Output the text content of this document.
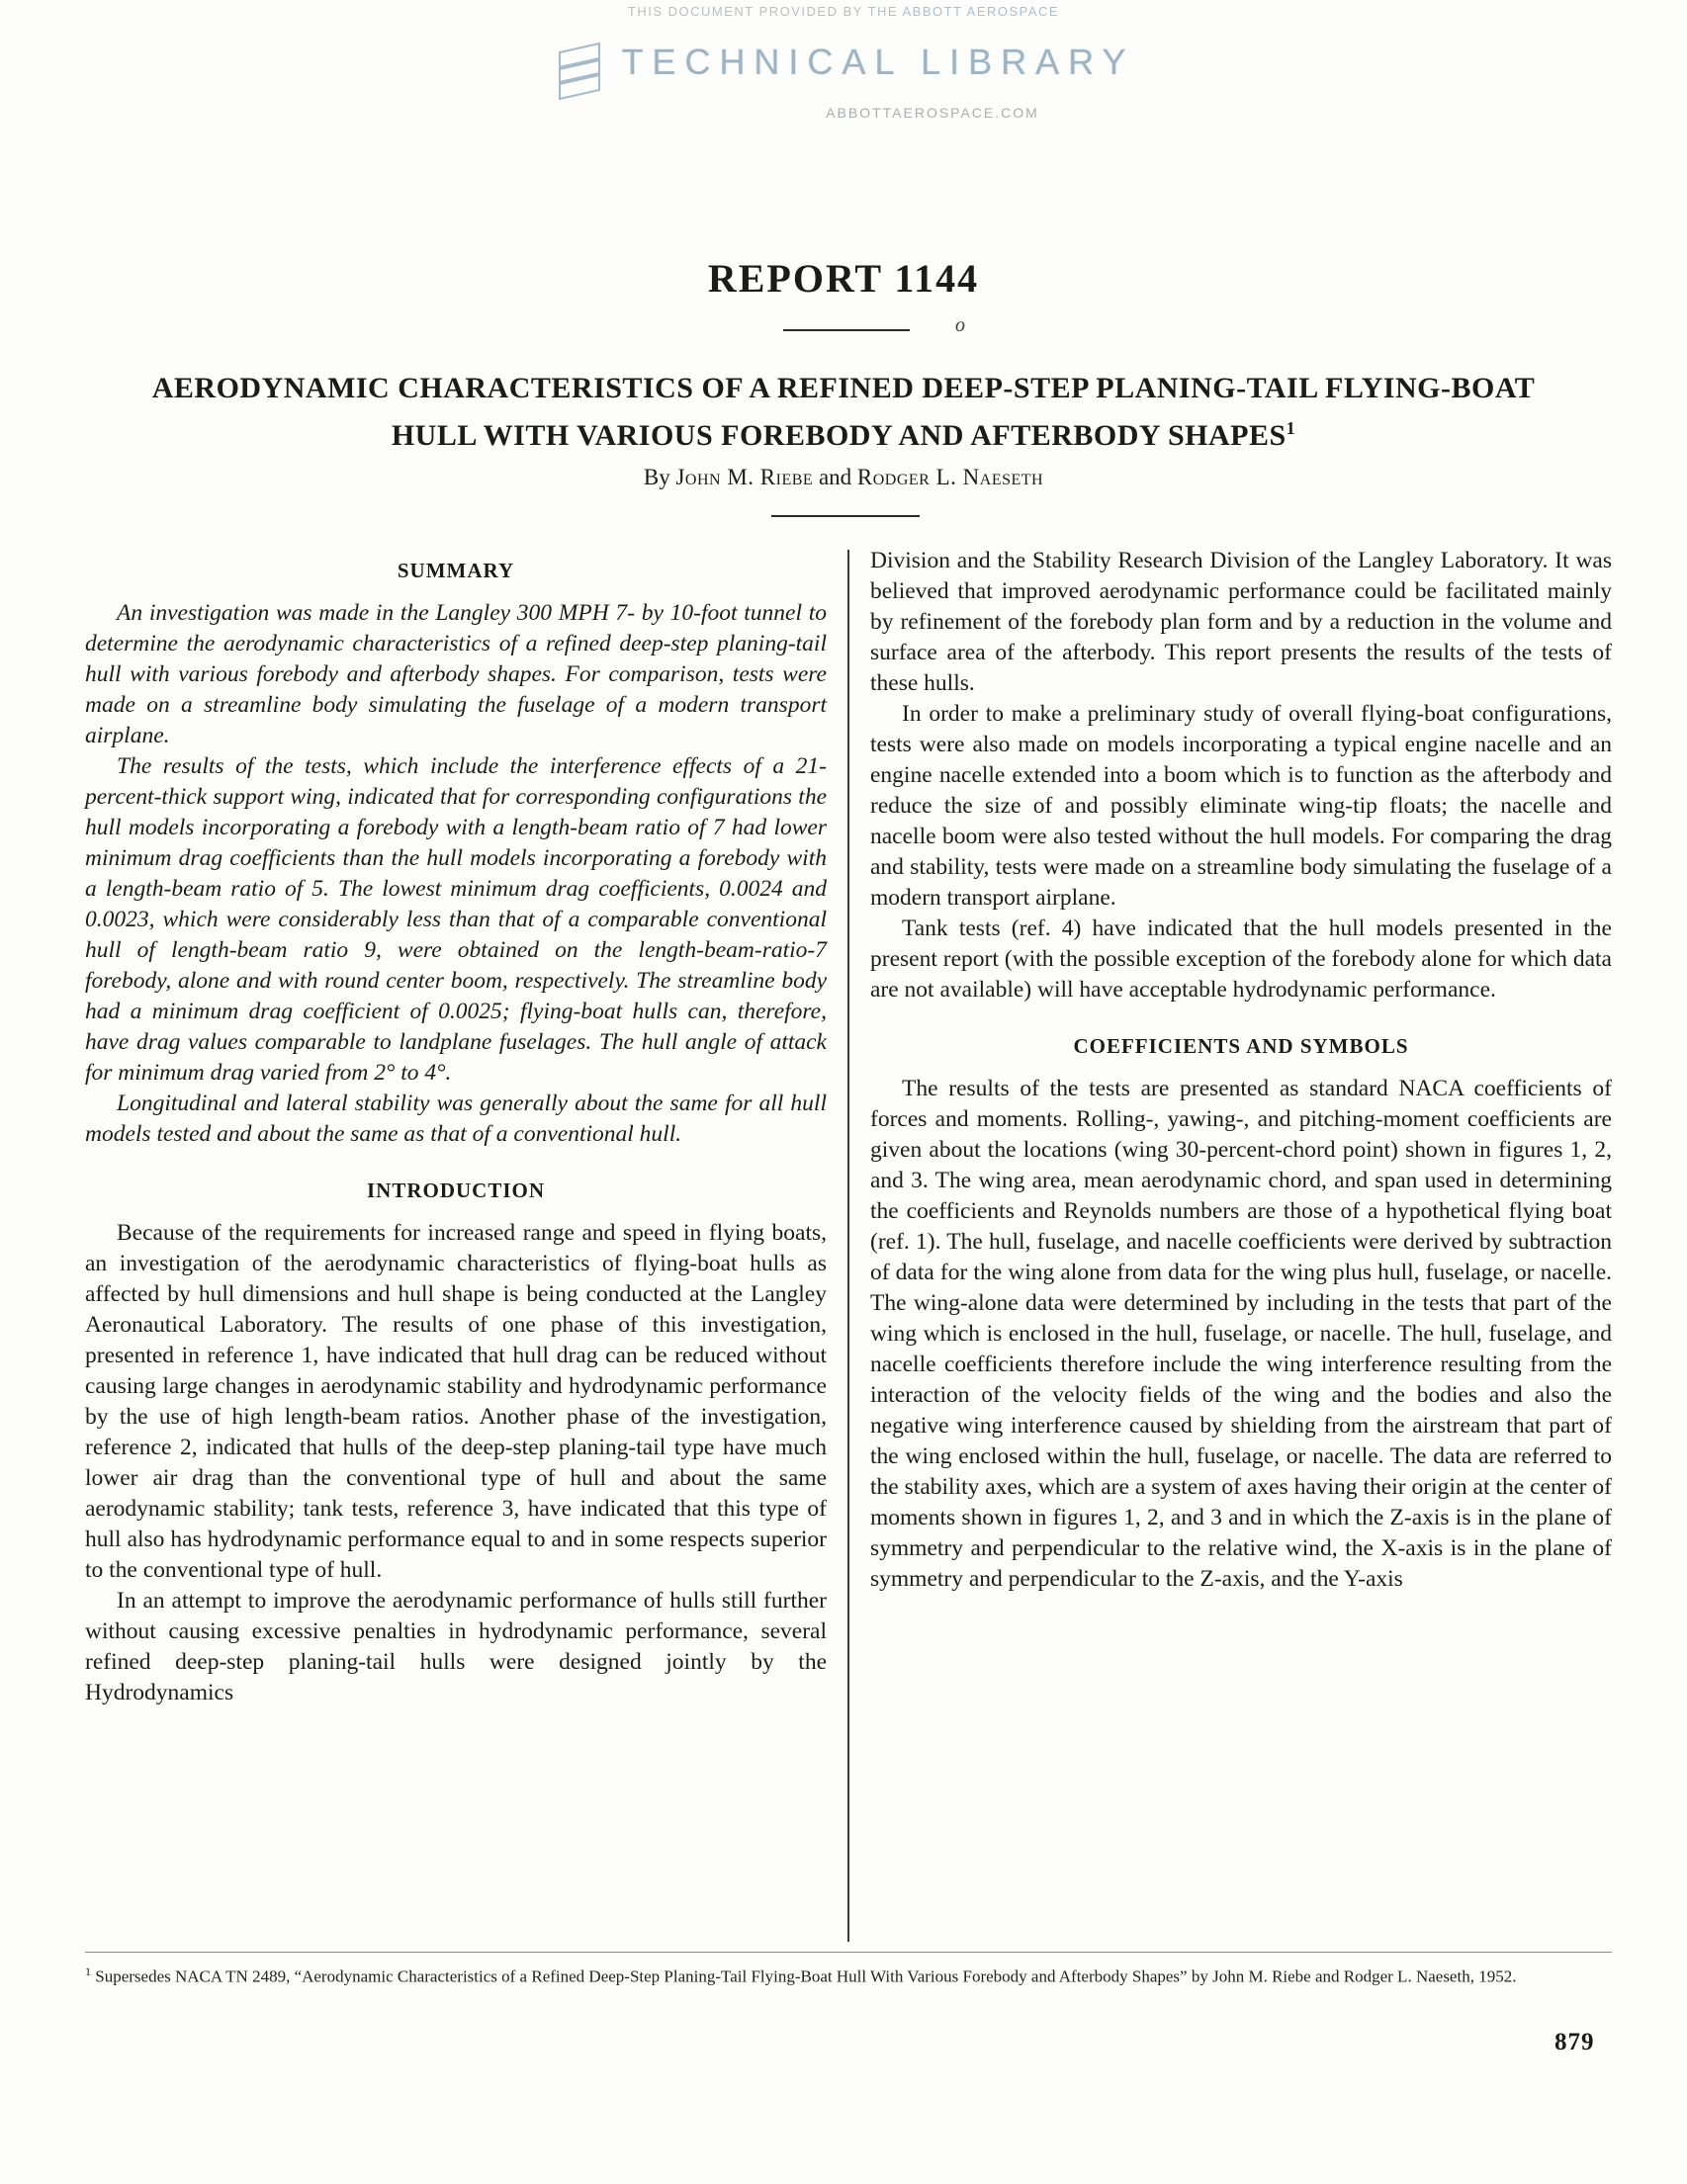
THIS DOCUMENT PROVIDED BY THE ABBOTT AEROSPACE
TECHNICAL LIBRARY
ABBOTTAEROSPACE.COM
REPORT 1144
o
AERODYNAMIC CHARACTERISTICS OF A REFINED DEEP-STEP PLANING-TAIL FLYING-BOAT
HULL WITH VARIOUS FOREBODY AND AFTERBODY SHAPES$^1$
By John M. Riebe and Rodger L. Naeseth
SUMMARY

An investigation was made in the Langley 300 MPH 7- by 10-foot tunnel to determine the aerodynamic characteristics of a refined deep-step planing-tail hull with various forebody and afterbody shapes. For comparison, tests were made on a streamline body simulating the fuselage of a modern transport airplane.

The results of the tests, which include the interference effects of a 21-percent-thick support wing, indicated that for corresponding configurations the hull models incorporating a forebody with a length-beam ratio of 7 had lower minimum drag coefficients than the hull models incorporating a forebody with a length-beam ratio of 5. The lowest minimum drag coefficients, 0.0024 and 0.0023, which were considerably less than that of a comparable conventional hull of length-beam ratio 9, were obtained on the length-beam-ratio-7 forebody, alone and with round center boom, respectively. The streamline body had a minimum drag coefficient of 0.0025; flying-boat hulls can, therefore, have drag values comparable to landplane fuselages. The hull angle of attack for minimum drag varied from 2° to 4°.

Longitudinal and lateral stability was generally about the same for all hull models tested and about the same as that of a conventional hull.

INTRODUCTION

Because of the requirements for increased range and speed in flying boats, an investigation of the aerodynamic characteristics of flying-boat hulls as affected by hull dimensions and hull shape is being conducted at the Langley Aeronautical Laboratory. The results of one phase of this investigation, presented in reference 1, have indicated that hull drag can be reduced without causing large changes in aerodynamic stability and hydrodynamic performance by the use of high length-beam ratios. Another phase of the investigation, reference 2, indicated that hulls of the deep-step planing-tail type have much lower air drag than the conventional type of hull and about the same aerodynamic stability; tank tests, reference 3, have indicated that this type of hull also has hydrodynamic performance equal to and in some respects superior to the conventional type of hull.

In an attempt to improve the aerodynamic performance of hulls still further without causing excessive penalties in hydrodynamic performance, several refined deep-step planing-tail hulls were designed jointly by the Hydrodynamics

Division and the Stability Research Division of the Langley Laboratory. It was believed that improved aerodynamic performance could be facilitated mainly by refinement of the forebody plan form and by a reduction in the volume and surface area of the afterbody. This report presents the results of the tests of these hulls.

In order to make a preliminary study of overall flying-boat configurations, tests were also made on models incorporating a typical engine nacelle and an engine nacelle extended into a boom which is to function as the afterbody and reduce the size of and possibly eliminate wing-tip floats; the nacelle and nacelle boom were also tested without the hull models. For comparing the drag and stability, tests were made on a streamline body simulating the fuselage of a modern transport airplane.

Tank tests (ref. 4) have indicated that the hull models presented in the present report (with the possible exception of the forebody alone for which data are not available) will have acceptable hydrodynamic performance.

COEFFICIENTS AND SYMBOLS

The results of the tests are presented as standard NACA coefficients of forces and moments. Rolling-, yawing-, and pitching-moment coefficients are given about the locations (wing 30-percent-chord point) shown in figures 1, 2, and 3. The wing area, mean aerodynamic chord, and span used in determining the coefficients and Reynolds numbers are those of a hypothetical flying boat (ref. 1). The hull, fuselage, and nacelle coefficients were derived by subtraction of data for the wing alone from data for the wing plus hull, fuselage, or nacelle. The wing-alone data were determined by including in the tests that part of the wing which is enclosed in the hull, fuselage, or nacelle. The hull, fuselage, and nacelle coefficients therefore include the wing interference resulting from the interaction of the velocity fields of the wing and the bodies and also the negative wing interference caused by shielding from the airstream that part of the wing enclosed within the hull, fuselage, or nacelle. The data are referred to the stability axes, which are a system of axes having their origin at the center of moments shown in figures 1, 2, and 3 and in which the Z-axis is in the plane of symmetry and perpendicular to the relative wind, the X-axis is in the plane of symmetry and perpendicular to the Z-axis, and the Y-axis

$^1$ Supersedes NACA TN 2489, “Aerodynamic Characteristics of a Refined Deep-Step Planing-Tail Flying-Boat Hull With Various Forebody and Afterbody Shapes” by John M. Riebe and Rodger L. Naeseth, 1952.
879
